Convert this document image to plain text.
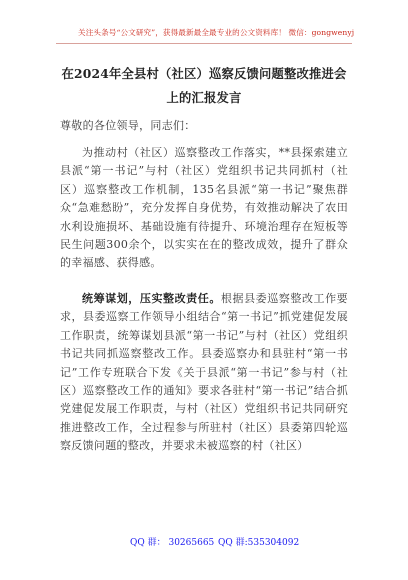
关注头条号“公文研究”，获得最新最全最专业的公文资料库！ 微信：gongwenyj
在2024年全县村（社区）巡察反馈问题整改推进会上的汇报发言
尊敬的各位领导，同志们：
为推动村（社区）巡察整改工作落实，**县探索建立县派“第一书记”与村（社区）党组织书记共同抓村（社区）巡察整改工作机制，135名县派“第一书记”聚焦群众“急难愁盼”，充分发挥自身优势，有效推动解决了农田水利设施损坏、基础设施有待提升、环境治理存在短板等民生问题300余个，以实实在在的整改成效，提升了群众的幸福感、获得感。
统筹谋划，压实整改责任。根据县委巡察整改工作要求，县委巡察工作领导小组结合“第一书记”抓党建促发展工作职责，统筹谋划县派“第一书记”与村（社区）党组织书记共同抓巡察整改工作。县委巡察办和县驻村“第一书记”工作专班联合下发《关于县派“第一书记”参与村（社区）巡察整改工作的通知》要求各驻村“第一书记”结合抓党建促发展工作职责，与村（社区）党组织书记共同研究推进整改工作，全过程参与所驻村（社区）县委第四轮巡察反馈问题的整改，并要求未被巡察的村（社区）
QQ 群： 30265665 QQ 群:535304092
